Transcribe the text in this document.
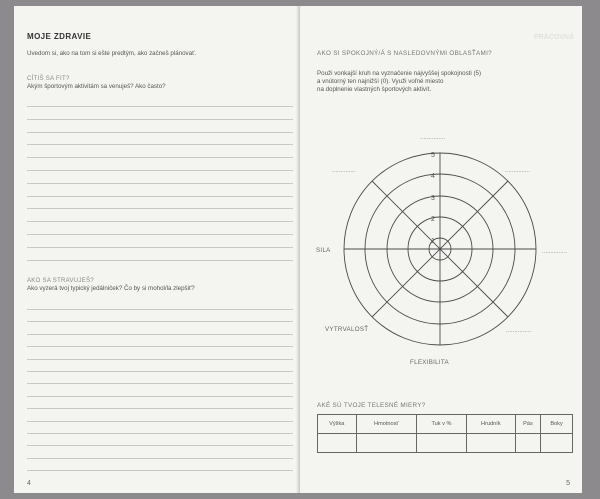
MOJE ZDRAVIE
Uvedom si, ako na tom si ešte predtým, ako začneš plánovať.
CÍTIŠ SA FIT?
Akým športovým aktivitám sa venuješ? Ako často?
AKO SA STRAVUJEŠ?
Ako vyzerá tvoj typický jedálniček? Čo by si mohol/la zlepšiť?
4
PRACOVNÁ
AKO SI SPOKOJNÝ/Á S NASLEDOVNÝMI OBLASŤAMI?
Použi vonkajší kruh na vyznačenie najvyššej spokojnosti (5)
a vnútorný ten najnižší (0). Využi voľné miesto
na doplnenie vlastných športových aktivít.
1
2
3
4
5
SILA
VYTRVALOSŤ
FLEXIBILITA
...............
..............	...............
...............
...............
AKÉ SÚ TVOJE TELESNÉ MIERY?
Výška	Hmotnosť	Tuk v %	Hrudník	Pás	Boky

5
